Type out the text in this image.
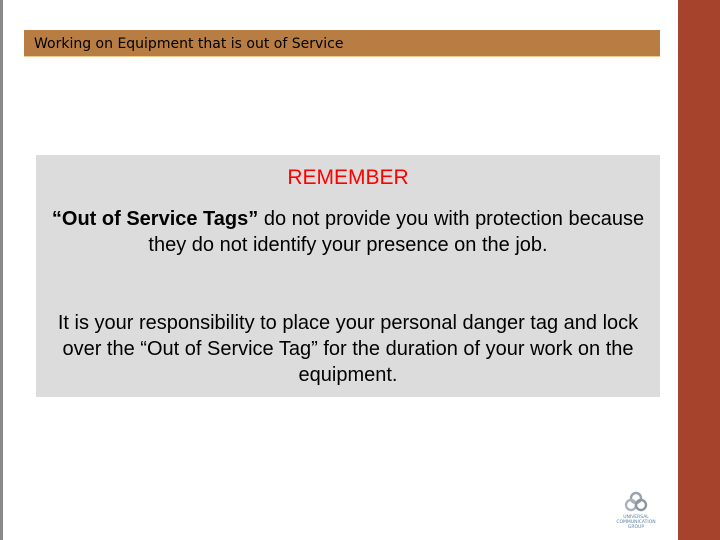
Working on Equipment that is out of Service
REMEMBER
“Out of Service Tags” do not provide you with protection because they do not identify your presence on the job.
It is your responsibility to place your personal danger tag and lock over the “Out of Service Tag” for the duration of your work on the equipment.
UNIVERSAL
COMMUNICATION
GROUP
